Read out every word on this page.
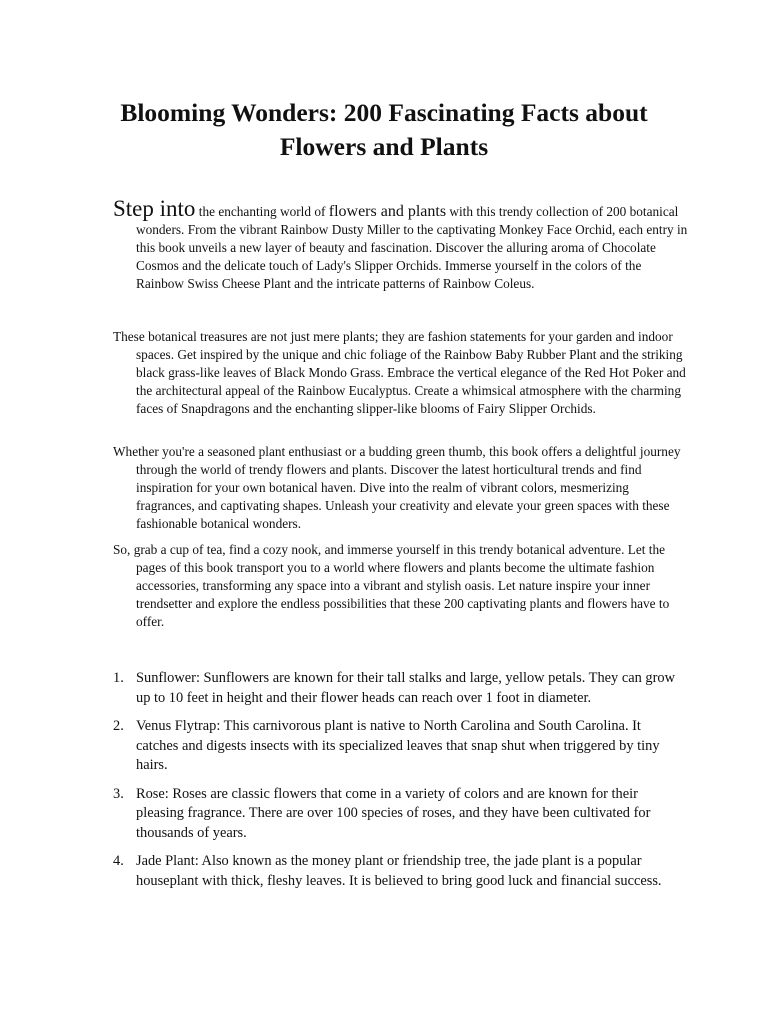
Blooming Wonders: 200 Fascinating Facts about
Flowers and Plants

Step into the enchanting world of flowers and plants with this trendy collection of 200 botanical wonders. From the vibrant Rainbow Dusty Miller to the captivating Monkey Face Orchid, each entry in this book unveils a new layer of beauty and fascination. Discover the alluring aroma of Chocolate Cosmos and the delicate touch of Lady's Slipper Orchids. Immerse yourself in the colors of the Rainbow Swiss Cheese Plant and the intricate patterns of Rainbow Coleus.

These botanical treasures are not just mere plants; they are fashion statements for your garden and indoor spaces. Get inspired by the unique and chic foliage of the Rainbow Baby Rubber Plant and the striking black grass-like leaves of Black Mondo Grass. Embrace the vertical elegance of the Red Hot Poker and the architectural appeal of the Rainbow Eucalyptus. Create a whimsical atmosphere with the charming faces of Snapdragons and the enchanting slipper-like blooms of Fairy Slipper Orchids.

Whether you're a seasoned plant enthusiast or a budding green thumb, this book offers a delightful journey through the world of trendy flowers and plants. Discover the latest horticultural trends and find inspiration for your own botanical haven. Dive into the realm of vibrant colors, mesmerizing fragrances, and captivating shapes. Unleash your creativity and elevate your green spaces with these fashionable botanical wonders.

So, grab a cup of tea, find a cozy nook, and immerse yourself in this trendy botanical adventure. Let the pages of this book transport you to a world where flowers and plants become the ultimate fashion accessories, transforming any space into a vibrant and stylish oasis. Let nature inspire your inner trendsetter and explore the endless possibilities that these 200 captivating plants and flowers have to offer.

1. Sunflower: Sunflowers are known for their tall stalks and large, yellow petals. They can grow up to 10 feet in height and their flower heads can reach over 1 foot in diameter.
2. Venus Flytrap: This carnivorous plant is native to North Carolina and South Carolina. It catches and digests insects with its specialized leaves that snap shut when triggered by tiny hairs.
3. Rose: Roses are classic flowers that come in a variety of colors and are known for their pleasing fragrance. There are over 100 species of roses, and they have been cultivated for thousands of years.
4. Jade Plant: Also known as the money plant or friendship tree, the jade plant is a popular houseplant with thick, fleshy leaves. It is believed to bring good luck and financial success.
